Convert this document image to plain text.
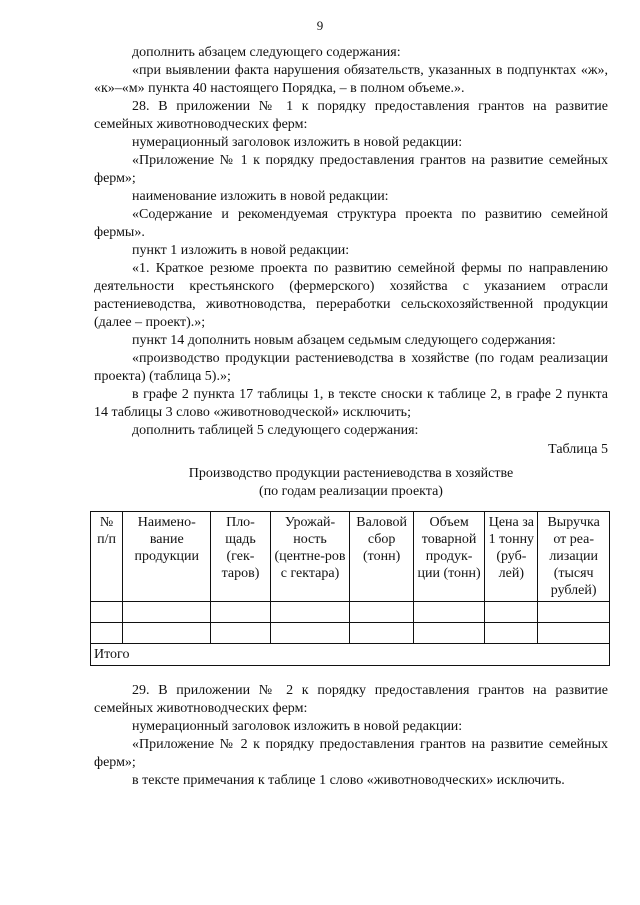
9

дополнить абзацем следующего содержания:

«при выявлении факта нарушения обязательств, указанных в подпунктах «ж», «к»–«м» пункта 40 настоящего Порядка, – в полном объеме.».

28. В приложении № 1 к порядку предоставления грантов на развитие семейных животноводческих ферм:

нумерационный заголовок изложить в новой редакции:

«Приложение № 1 к порядку предоставления грантов на развитие семейных ферм»;

наименование изложить в новой редакции:

«Содержание и рекомендуемая структура проекта по развитию семейной фермы».

пункт 1 изложить в новой редакции:

«1. Краткое резюме проекта по развитию семейной фермы по направлению деятельности крестьянского (фермерского) хозяйства с указанием отрасли растениеводства, животноводства, переработки сельскохозяйственной продукции (далее – проект).»;

пункт 14 дополнить новым абзацем седьмым следующего содержания:

«производство продукции растениеводства в хозяйстве (по годам реализации проекта) (таблица 5).»;

в графе 2 пункта 17 таблицы 1, в тексте сноски к таблице 2, в графе 2 пункта 14 таблицы 3 слово «животноводческой» исключить;

дополнить таблицей 5 следующего содержания:

Таблица 5

Производство продукции растениеводства в хозяйстве
(по годам реализации проекта)

№ п/п	Наимено-вание продукции	Пло-щадь (гек-таров)	Урожай-ность (центне-ров с гектара)	Валовой сбор (тонн)	Объем товарной продук-ции (тонн)	Цена за 1 тонну (руб-лей)	Выручка от реа-лизации (тысяч рублей)

Итого							

29. В приложении № 2 к порядку предоставления грантов на развитие семейных животноводческих ферм:

нумерационный заголовок изложить в новой редакции:

«Приложение № 2 к порядку предоставления грантов на развитие семейных ферм»;

в тексте примечания к таблице 1 слово «животноводческих» исключить.
